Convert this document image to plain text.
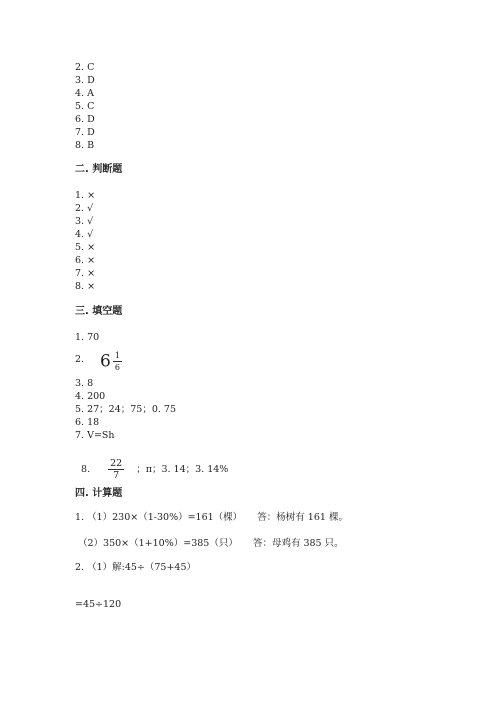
2. C
3. D
4. A
5. C
6. D
7. D
8. B
二. 判断题
1. ×
2. √
3. √
4. √
5. ×
6. ×
7. ×
8. ×
三. 填空题
1. 70
2. $6 \frac{1}{6}$
3. 8
4. 200
5. 27；24；75；0. 75
6. 18
7. V=Sh

8. $\frac{22}{7}$ ；π；3. 14；3. 14%

四. 计算题
1. （1）230×（1-30%）=161（棵）     答：杨树有 161 棵。
（2）350×（1+10%）=385（只）     答：母鸡有 385 只。
2. （1）解:45÷（75+45）
=45÷120
